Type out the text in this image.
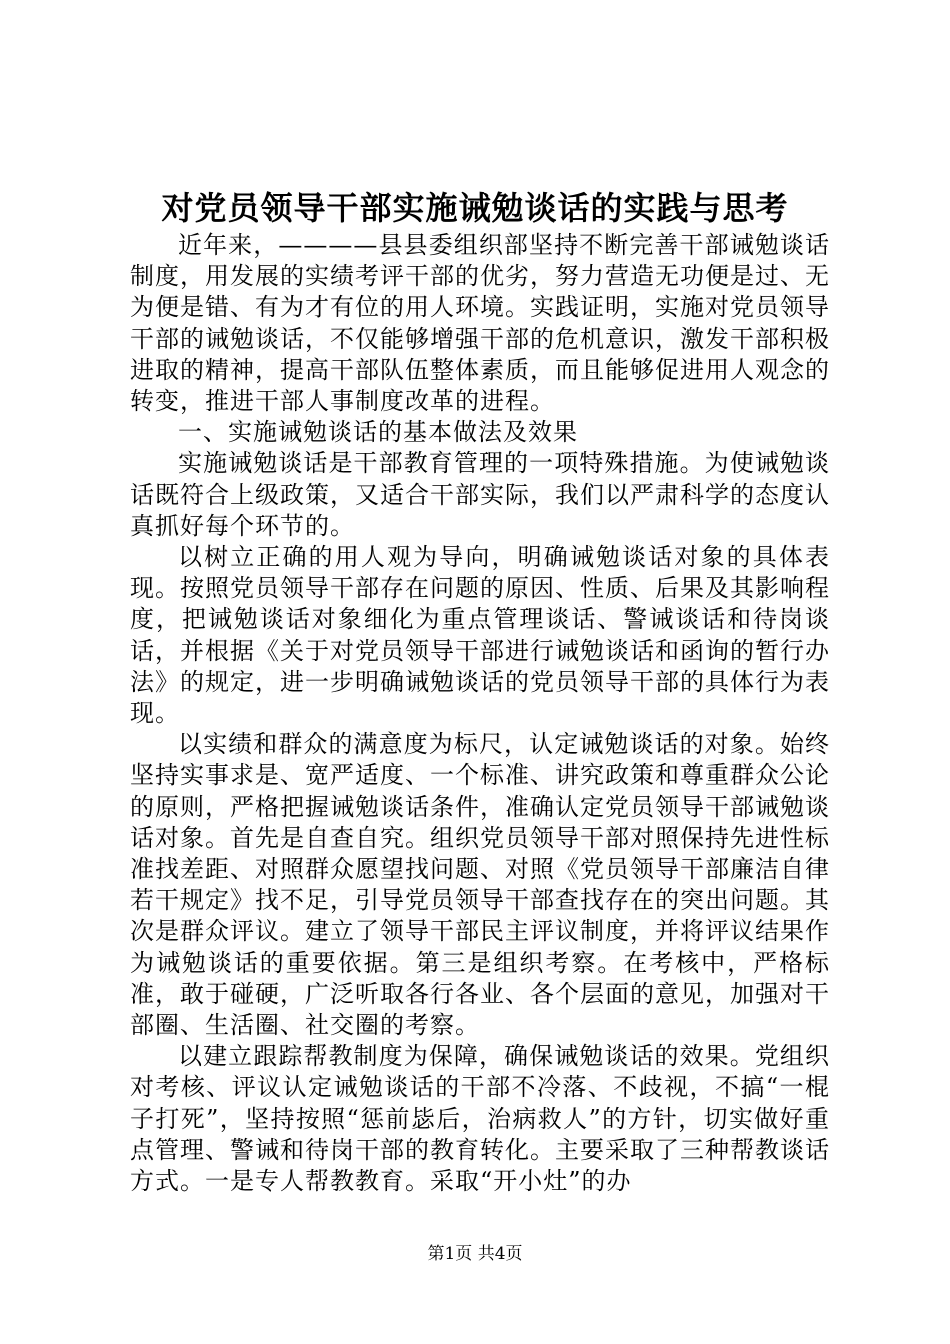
对党员领导干部实施诫勉谈话的实践与思考

近年来，————县县委组织部坚持不断完善干部诫勉谈话制度，用发展的实绩考评干部的优劣，努力营造无功便是过、无为便是错、有为才有位的用人环境。实践证明，实施对党员领导干部的诫勉谈话，不仅能够增强干部的危机意识，激发干部积极进取的精神，提高干部队伍整体素质，而且能够促进用人观念的转变，推进干部人事制度改革的进程。

一、实施诫勉谈话的基本做法及效果

实施诫勉谈话是干部教育管理的一项特殊措施。为使诫勉谈话既符合上级政策，又适合干部实际，我们以严肃科学的态度认真抓好每个环节的。

以树立正确的用人观为导向，明确诫勉谈话对象的具体表现。按照党员领导干部存在问题的原因、性质、后果及其影响程度，把诫勉谈话对象细化为重点管理谈话、警诫谈话和待岗谈话，并根据《关于对党员领导干部进行诫勉谈话和函询的暂行办法》的规定，进一步明确诫勉谈话的党员领导干部的具体行为表现。

以实绩和群众的满意度为标尺，认定诫勉谈话的对象。始终坚持实事求是、宽严适度、一个标准、讲究政策和尊重群众公论的原则，严格把握诫勉谈话条件，准确认定党员领导干部诫勉谈话对象。首先是自查自究。组织党员领导干部对照保持先进性标准找差距、对照群众愿望找问题、对照《党员领导干部廉洁自律若干规定》找不足，引导党员领导干部查找存在的突出问题。其次是群众评议。建立了领导干部民主评议制度，并将评议结果作为诫勉谈话的重要依据。第三是组织考察。在考核中，严格标准，敢于碰硬，广泛听取各行各业、各个层面的意见，加强对干部圈、生活圈、社交圈的考察。

以建立跟踪帮教制度为保障，确保诫勉谈话的效果。党组织对考核、评议认定诫勉谈话的干部不冷落、不歧视，不搞“一棍子打死”，坚持按照“惩前毖后，治病救人”的方针，切实做好重点管理、警诫和待岗干部的教育转化。主要采取了三种帮教谈话方式。一是专人帮教教育。采取“开小灶”的办

第1页 共4页
